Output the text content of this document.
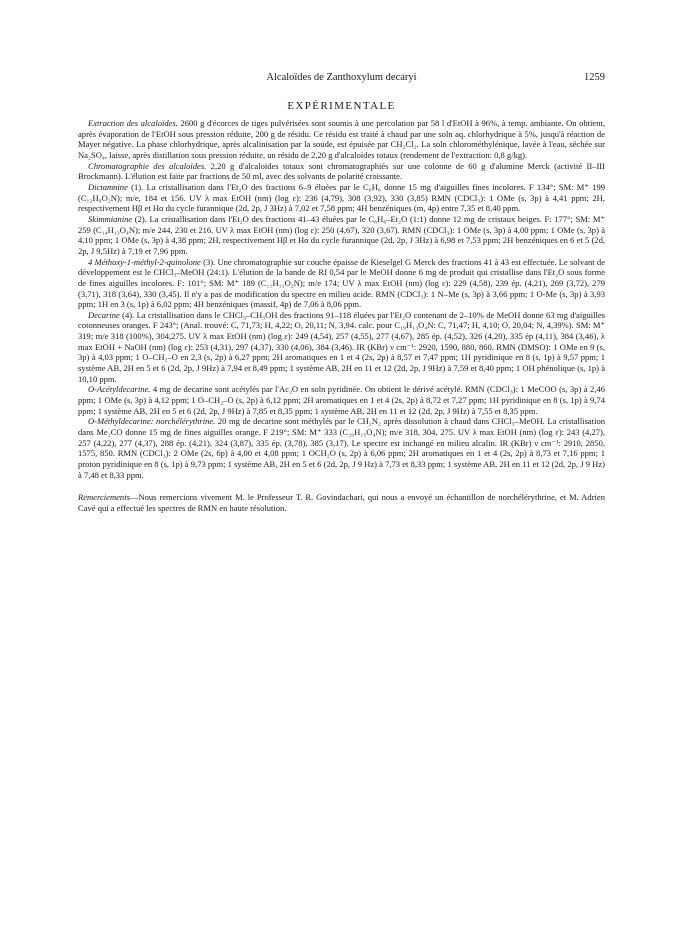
Alcaloïdes de Zanthoxylum decaryi	1259
EXPÉRIMENTALE

Extraction des alcaloïdes. 2600 g d'écorces de tiges pulvérisées sont soumis à une percolation par 58 l d'EtOH à 96%, à temp. ambiante. On obtient, après évaporation de l'EtOH sous pression réduite, 200 g de résidu. Ce résidu est traité à chaud par une soln aq. chlorhydrique à 5%, jusqu'à réaction de Mayer négative. La phase chlorhydrique, après alcalinisation par la soude, est épuisée par CH₂Cl₂. La soln chlorométhylénique, lavée à l'eau, séchée sur Na₂SO₄, laisse, après distillation sous pression réduite, un résidu de 2,20 g d'alcaloïdes totaux (rendement de l'extraction: 0,8 g/kg).

Chromatographie des alcaloïdes. 2,20 g d'alcaloïdes totaux sont chromatographiés sur une colonne de 60 g d'alumine Merck (activité II–III Brockmann). L'élution est faite par fractions de 50 ml, avec des solvants de polarité croissante.

Dictamnine (1). La cristallisation dans l'Et₂O des fractions 6–9 éluées par le C₆H₆ donne 15 mg d'aiguilles fines incolores. F 134°; SM: M⁺ 199 (C₁₂H₉O₂N); m/e, 184 et 156. UV λ max EtOH (nm) (log ε): 236 (4,79), 308 (3,92), 330 (3,85) RMN (CDCl₃): 1 OMe (s, 3p) à 4,41 ppm; 2H, respectivement Hβ et Hα du cycle furannique (2d, 2p, J 3Hz) à 7,02 et 7,58 ppm; 4H benzéniques (m, 4p) entre 7,35 et 8,40 ppm.

Skimmianine (2). La cristallisation dans l'Et₂O des fractions 41–43 éluées par le C₆H₆–Et₂O (1:1) donne 12 mg de cristaux beiges. F: 177°; SM: M⁺ 259 (C₁₄H₁₃O₄N); m/e 244, 230 et 216. UV λ max EtOH (nm) (log ε): 250 (4,67), 320 (3,67). RMN (CDCl₃): 1 OMe (s, 3p) à 4,00 ppm; 1 OMe (s, 3p) à 4,10 ppm; 1 OMe (s, 3p) à 4,38 ppm; 2H, respectivement Hβ et Hα du cycle furannique (2d, 2p, J 3Hz) à 6,98 et 7,53 ppm; 2H benzéniques en 6 et 5 (2d, 2p, J 9,5Hz) à 7,19 et 7,96 ppm.

4 Méthoxy-1-méthyl-2-quinolone (3). Une chromatographie sur couche épaisse de Kieselgel G Merck des fractions 41 à 43 est effectuée. Le solvant de développement est le CHCl₃–MeOH (24:1). L'élution de la bande de Rf 0,54 par le MeOH donne 6 mg de produit qui cristallise dans l'Et₂O sous forme de fines aiguilles incolores. F: 101°; SM: M⁺ 189 (C₁₁H₁₁O₂N); m/e 174; UV λ max EtOH (nm) (log ε): 229 (4,58), 239 ép. (4,21), 269 (3,72), 279 (3,71), 318 (3,64), 330 (3,45). Il n'y a pas de modification du spectre en milieu acide. RMN (CDCl₃): 1 N–Me (s, 3p) à 3,66 ppm; 1 O-Me (s, 3p) à 3,93 ppm; 1H en 3 (s, 1p) à 6,02 ppm; 4H benzéniques (massif, 4p) de 7,06 à 8,06 ppm.

Decarine (4). La cristallisation dans le CHCl₃–CH₃OH des fractions 91–118 éluées par l'Et₂O contenant de 2–10% de MeOH donne 63 mg d'aiguilles cotonneuses oranges. F 243°; (Anal. trouvé: C, 71,73; H, 4,22; O, 20,11; N, 3,94. calc. pour C₁₉H₁₃O₄N: C, 71,47; H, 4,10; O, 20,04; N, 4,39%). SM: M⁺ 319; m/e 318 (100%), 304,275. UV λ max EtOH (nm) (log ε): 249 (4,54), 257 (4,55), 277 (4,67), 285 ép. (4,52), 326 (4,20), 335 ép (4,11), 384 (3,46), λ max EtOH + NaOH (nm) (log ε): 253 (4,31), 297 (4,37), 330 (4,06), 384 (3,46). IR (KBr) ν cm⁻¹: 2920, 1590, 880, 860. RMN (DMSO): 1 OMe en 9 (s, 3p) à 4,03 ppm; 1 O–CH₂–O en 2,3 (s, 2p) à 6,27 ppm; 2H aromatiques en 1 et 4 (2s, 2p) à 8,57 et 7,47 ppm; 1H pyridinique en 8 (s, 1p) à 9,57 ppm; 1 système AB, 2H en 5 et 6 (2d, 2p, J 9Hz) à 7,94 et 8,49 ppm; 1 système AB, 2H en 11 et 12 (2d, 2p, J 9Hz) à 7,59 et 8,40 ppm; 1 OH phénolique (s, 1p) à 10,10 ppm.

O-Acétyldecarine. 4 mg de decarine sont acétylés par l'Ac₂O en soln pyridinée. On obtient le dérivé acétylé. RMN (CDCl₃): 1 MeCOO (s, 3p) à 2,46 ppm; 1 OMe (s, 3p) à 4,12 ppm; 1 O–CH₂–O (s, 2p) à 6,12 ppm; 2H aromatiques en 1 et 4 (2s, 2p) à 8,72 et 7,27 ppm; 1H pyridinique en 8 (s, 1p) à 9,74 ppm; 1 système AB, 2H en 5 et 6 (2d, 2p, J 9Hz) à 7,85 et 8,35 ppm; 1 système AB, 2H en 11 et 12 (2d, 2p, J 9Hz) à 7,55 et 8,35 ppm.

O-Méthyldecarine: norchélérythrine. 20 mg de decarine sont méthylés par le CH₂N₂ après dissolution à chaud dans CHCl₃–MeOH. La cristallisation dans Me₂CO donne 15 mg de fines aiguilles orange. F 219°; SM: M⁺ 333 (C₂₀H₁₅O₄N); m/e 318, 304, 275. UV λ max EtOH (nm) (log ε): 243 (4,27), 257 (4,22), 277 (4,37), 288 ép. (4,21), 324 (3,87), 335 ép. (3,78), 385 (3,17). Le spectre est inchangé en milieu alcalin. IR (KBr) ν cm⁻¹: 2910, 2850, 1575, 850. RMN (CDCl₃): 2 OMe (2s, 6p) à 4,00 et 4,08 ppm; 1 OCH₂O (s, 2p) à 6,06 ppm; 2H aromatiques en 1 et 4 (2s, 2p) à 8,73 et 7,16 ppm; 1 proton pyridinique en 8 (s, 1p) à 9,73 ppm; 1 système AB, 2H en 5 et 6 (2d, 2p, J 9 Hz) à 7,73 et 8,33 ppm; 1 système AB, 2H en 11 et 12 (2d, 2p, J 9 Hz) à 7,48 et 8,33 ppm.

Remerciements—Nous remercions vivement M. le Professeur T. R. Govindachari, qui nous a envoyé un échantillon de norchélérythrine, et M. Adrien Cavé qui a effectué les spectres de RMN en haute résolution.
